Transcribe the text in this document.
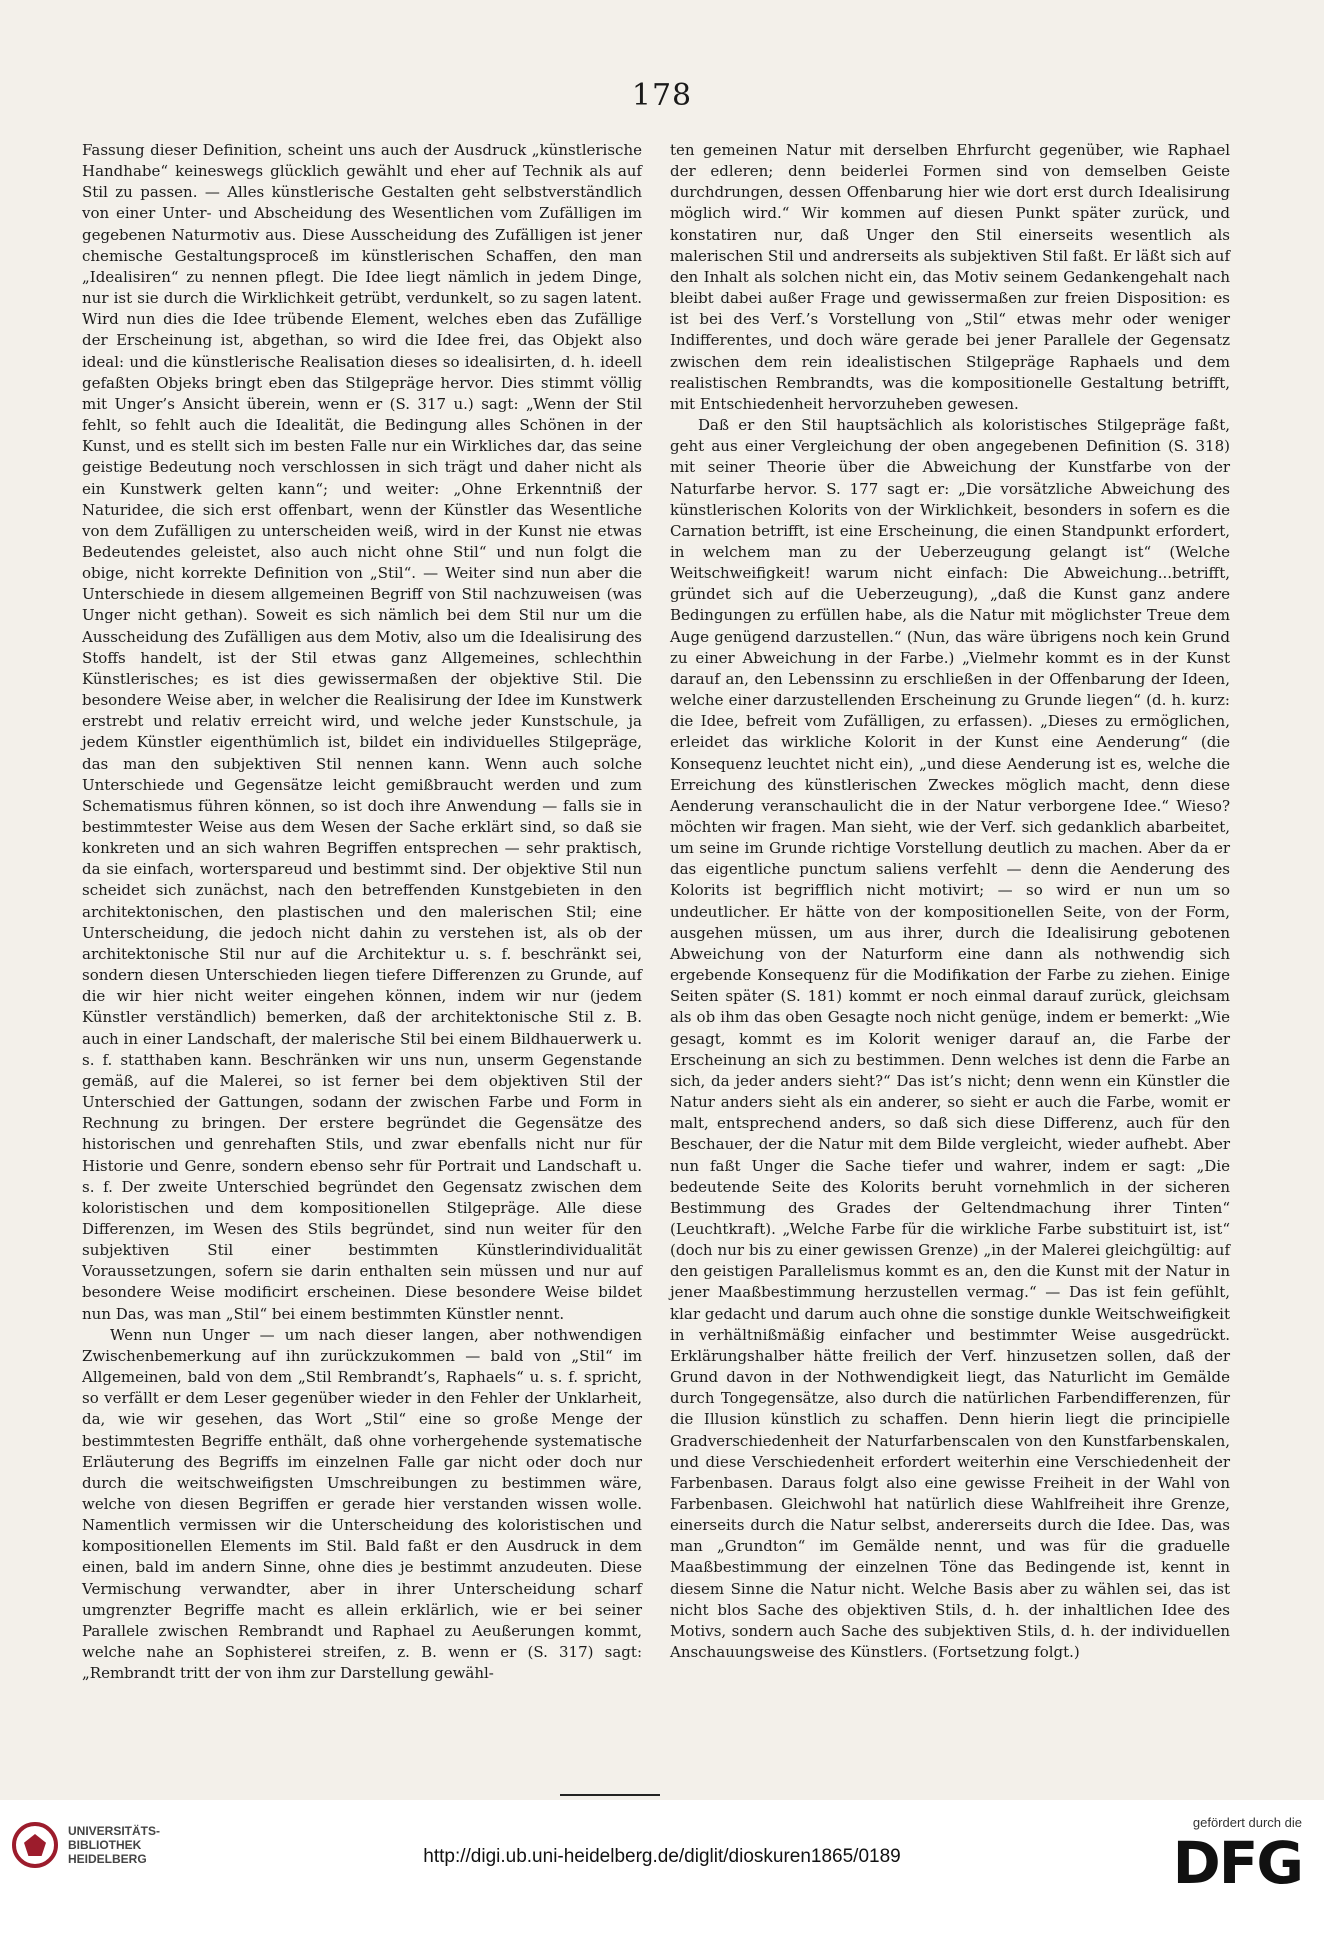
178

Fassung dieser Definition, scheint uns auch der Ausdruck „künstlerische Handhabe“ keineswegs glücklich gewählt und eher auf Technik als auf Stil zu passen. — Alles künstlerische Gestalten geht selbstverständlich von einer Unter- und Abscheidung des Wesentlichen vom Zufälligen im gegebenen Naturmotiv aus. Diese Ausscheidung des Zufälligen ist jener chemische Gestaltungsproceß im künstlerischen Schaffen, den man „Idealisiren“ zu nennen pflegt. Die Idee liegt nämlich in jedem Dinge, nur ist sie durch die Wirklichkeit getrübt, verdunkelt, so zu sagen latent. Wird nun dies die Idee trübende Element, welches eben das Zufällige der Erscheinung ist, abgethan, so wird die Idee frei, das Objekt also ideal: und die künstlerische Realisation dieses so idealisirten, d. h. ideell gefaßten Objeks bringt eben das Stilgepräge hervor. Dies stimmt völlig mit Unger’s Ansicht überein, wenn er (S. 317 u.) sagt: „Wenn der Stil fehlt, so fehlt auch die Idealität, die Bedingung alles Schönen in der Kunst, und es stellt sich im besten Falle nur ein Wirkliches dar, das seine geistige Bedeutung noch verschlossen in sich trägt und daher nicht als ein Kunstwerk gelten kann“; und weiter: „Ohne Erkenntniß der Naturidee, die sich erst offenbart, wenn der Künstler das Wesentliche von dem Zufälligen zu unterscheiden weiß, wird in der Kunst nie etwas Bedeutendes geleistet, also auch nicht ohne Stil“ und nun folgt die obige, nicht korrekte Definition von „Stil“. — Weiter sind nun aber die Unterschiede in diesem allgemeinen Begriff von Stil nachzuweisen (was Unger nicht gethan). Soweit es sich nämlich bei dem Stil nur um die Ausscheidung des Zufälligen aus dem Motiv, also um die Idealisirung des Stoffs handelt, ist der Stil etwas ganz Allgemeines, schlechthin Künstlerisches; es ist dies gewissermaßen der objektive Stil. Die besondere Weise aber, in welcher die Realisirung der Idee im Kunstwerk erstrebt und relativ erreicht wird, und welche jeder Kunstschule, ja jedem Künstler eigenthümlich ist, bildet ein individuelles Stilgepräge, das man den subjektiven Stil nennen kann. Wenn auch solche Unterschiede und Gegensätze leicht gemißbraucht werden und zum Schematismus führen können, so ist doch ihre Anwendung — falls sie in bestimmtester Weise aus dem Wesen der Sache erklärt sind, so daß sie konkreten und an sich wahren Begriffen entsprechen — sehr praktisch, da sie einfach, worterspareud und bestimmt sind. Der objektive Stil nun scheidet sich zunächst, nach den betreffenden Kunstgebieten in den architektonischen, den plastischen und den malerischen Stil; eine Unterscheidung, die jedoch nicht dahin zu verstehen ist, als ob der architektonische Stil nur auf die Architektur u. s. f. beschränkt sei, sondern diesen Unterschieden liegen tiefere Differenzen zu Grunde, auf die wir hier nicht weiter eingehen können, indem wir nur (jedem Künstler verständlich) bemerken, daß der architektonische Stil z. B. auch in einer Landschaft, der malerische Stil bei einem Bildhauerwerk u. s. f. statthaben kann. Beschränken wir uns nun, unserm Gegenstande gemäß, auf die Malerei, so ist ferner bei dem objektiven Stil der Unterschied der Gattungen, sodann der zwischen Farbe und Form in Rechnung zu bringen. Der erstere begründet die Gegensätze des historischen und genrehaften Stils, und zwar ebenfalls nicht nur für Historie und Genre, sondern ebenso sehr für Portrait und Landschaft u. s. f. Der zweite Unterschied begründet den Gegensatz zwischen dem koloristischen und dem kompositionellen Stilgepräge. Alle diese Differenzen, im Wesen des Stils begründet, sind nun weiter für den subjektiven Stil einer bestimmten Künstlerindividualität Voraussetzungen, sofern sie darin enthalten sein müssen und nur auf besondere Weise modificirt erscheinen. Diese besondere Weise bildet nun Das, was man „Stil“ bei einem bestimmten Künstler nennt.

Wenn nun Unger — um nach dieser langen, aber nothwendigen Zwischenbemerkung auf ihn zurückzukommen — bald von „Stil“ im Allgemeinen, bald von dem „Stil Rembrandt’s, Raphaels“ u. s. f. spricht, so verfällt er dem Leser gegenüber wieder in den Fehler der Unklarheit, da, wie wir gesehen, das Wort „Stil“ eine so große Menge der bestimmtesten Begriffe enthält, daß ohne vorhergehende systematische Erläuterung des Begriffs im einzelnen Falle gar nicht oder doch nur durch die weitschweifigsten Umschreibungen zu bestimmen wäre, welche von diesen Begriffen er gerade hier verstanden wissen wolle. Namentlich vermissen wir die Unterscheidung des koloristischen und kompositionellen Elements im Stil. Bald faßt er den Ausdruck in dem einen, bald im andern Sinne, ohne dies je bestimmt anzudeuten. Diese Vermischung verwandter, aber in ihrer Unterscheidung scharf umgrenzter Begriffe macht es allein erklärlich, wie er bei seiner Parallele zwischen Rembrandt und Raphael zu Aeußerungen kommt, welche nahe an Sophisterei streifen, z. B. wenn er (S. 317) sagt: „Rembrandt tritt der von ihm zur Darstellung gewähl-

ten gemeinen Natur mit derselben Ehrfurcht gegenüber, wie Raphael der edleren; denn beiderlei Formen sind von demselben Geiste durchdrungen, dessen Offenbarung hier wie dort erst durch Idealisirung möglich wird.“ Wir kommen auf diesen Punkt später zurück, und konstatiren nur, daß Unger den Stil einerseits wesentlich als malerischen Stil und andrerseits als subjektiven Stil faßt. Er läßt sich auf den Inhalt als solchen nicht ein, das Motiv seinem Gedankengehalt nach bleibt dabei außer Frage und gewissermaßen zur freien Disposition: es ist bei des Verf.’s Vorstellung von „Stil“ etwas mehr oder weniger Indifferentes, und doch wäre gerade bei jener Parallele der Gegensatz zwischen dem rein idealistischen Stilgepräge Raphaels und dem realistischen Rembrandts, was die kompositionelle Gestaltung betrifft, mit Entschiedenheit hervorzuheben gewesen.

Daß er den Stil hauptsächlich als koloristisches Stilgepräge faßt, geht aus einer Vergleichung der oben angegebenen Definition (S. 318) mit seiner Theorie über die Abweichung der Kunstfarbe von der Naturfarbe hervor. S. 177 sagt er: „Die vorsätzliche Abweichung des künstlerischen Kolorits von der Wirklichkeit, besonders in sofern es die Carnation betrifft, ist eine Erscheinung, die einen Standpunkt erfordert, in welchem man zu der Ueberzeugung gelangt ist“ (Welche Weitschweifigkeit! warum nicht einfach: Die Abweichung...betrifft, gründet sich auf die Ueberzeugung), „daß die Kunst ganz andere Bedingungen zu erfüllen habe, als die Natur mit möglichster Treue dem Auge genügend darzustellen.“ (Nun, das wäre übrigens noch kein Grund zu einer Abweichung in der Farbe.) „Vielmehr kommt es in der Kunst darauf an, den Lebenssinn zu erschließen in der Offenbarung der Ideen, welche einer darzustellenden Erscheinung zu Grunde liegen“ (d. h. kurz: die Idee, befreit vom Zufälligen, zu erfassen). „Dieses zu ermöglichen, erleidet das wirkliche Kolorit in der Kunst eine Aenderung“ (die Konsequenz leuchtet nicht ein), „und diese Aenderung ist es, welche die Erreichung des künstlerischen Zweckes möglich macht, denn diese Aenderung veranschaulicht die in der Natur verborgene Idee.“ Wieso? möchten wir fragen. Man sieht, wie der Verf. sich gedanklich abarbeitet, um seine im Grunde richtige Vorstellung deutlich zu machen. Aber da er das eigentliche punctum saliens verfehlt — denn die Aenderung des Kolorits ist begrifflich nicht motivirt; — so wird er nun um so undeutlicher. Er hätte von der kompositionellen Seite, von der Form, ausgehen müssen, um aus ihrer, durch die Idealisirung gebotenen Abweichung von der Naturform eine dann als nothwendig sich ergebende Konsequenz für die Modifikation der Farbe zu ziehen. Einige Seiten später (S. 181) kommt er noch einmal darauf zurück, gleichsam als ob ihm das oben Gesagte noch nicht genüge, indem er bemerkt: „Wie gesagt, kommt es im Kolorit weniger darauf an, die Farbe der Erscheinung an sich zu bestimmen. Denn welches ist denn die Farbe an sich, da jeder anders sieht?“ Das ist’s nicht; denn wenn ein Künstler die Natur anders sieht als ein anderer, so sieht er auch die Farbe, womit er malt, entsprechend anders, so daß sich diese Differenz, auch für den Beschauer, der die Natur mit dem Bilde vergleicht, wieder aufhebt. Aber nun faßt Unger die Sache tiefer und wahrer, indem er sagt: „Die bedeutende Seite des Kolorits beruht vornehmlich in der sicheren Bestimmung des Grades der Geltendmachung ihrer Tinten“ (Leuchtkraft). „Welche Farbe für die wirkliche Farbe substituirt ist, ist“ (doch nur bis zu einer gewissen Grenze) „in der Malerei gleichgültig: auf den geistigen Parallelismus kommt es an, den die Kunst mit der Natur in jener Maaßbestimmung herzustellen vermag.“ — Das ist fein gefühlt, klar gedacht und darum auch ohne die sonstige dunkle Weitschweifigkeit in verhältnißmäßig einfacher und bestimmter Weise ausgedrückt. Erklärungshalber hätte freilich der Verf. hinzusetzen sollen, daß der Grund davon in der Nothwendigkeit liegt, das Naturlicht im Gemälde durch Tongegensätze, also durch die natürlichen Farbendifferenzen, für die Illusion künstlich zu schaffen. Denn hierin liegt die principielle Gradverschiedenheit der Naturfarbenscalen von den Kunstfarbenskalen, und diese Verschiedenheit erfordert weiterhin eine Verschiedenheit der Farbenbasen. Daraus folgt also eine gewisse Freiheit in der Wahl von Farbenbasen. Gleichwohl hat natürlich diese Wahlfreiheit ihre Grenze, einerseits durch die Natur selbst, andererseits durch die Idee. Das, was man „Grundton“ im Gemälde nennt, und was für die graduelle Maaßbestimmung der einzelnen Töne das Bedingende ist, kennt in diesem Sinne die Natur nicht. Welche Basis aber zu wählen sei, das ist nicht blos Sache des objektiven Stils, d. h. der inhaltlichen Idee des Motivs, sondern auch Sache des subjektiven Stils, d. h. der individuellen Anschauungsweise des Künstlers. (Fortsetzung folgt.)

UNIVERSITÄTS-
BIBLIOTHEK
HEIDELBERG	http://digi.ub.uni-heidelberg.de/diglit/dioskuren1865/0189
gefördert durch die
DFG
